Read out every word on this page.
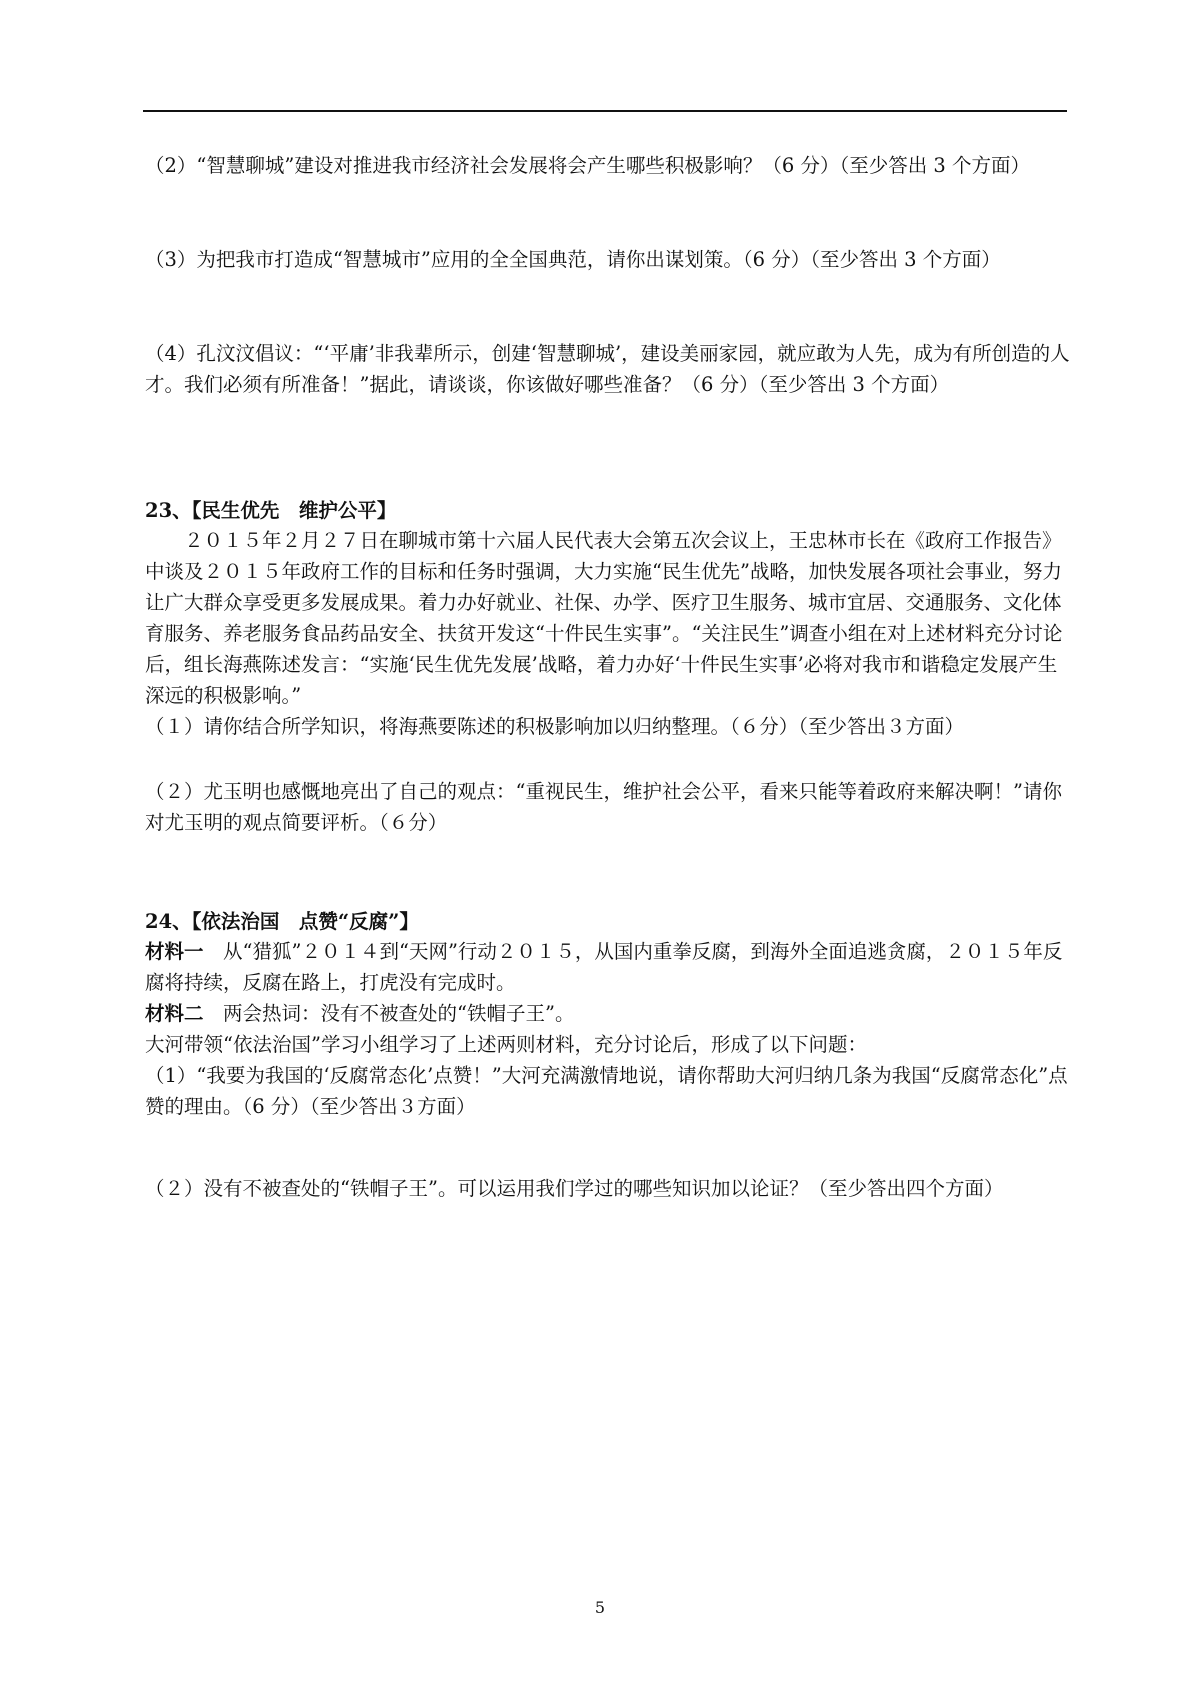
（2）“智慧聊城”建设对推进我市经济社会发展将会产生哪些积极影响？（6 分）（至少答出 3 个方面）

（3）为把我市打造成“智慧城市”应用的全全国典范，请你出谋划策。（6 分）（至少答出 3 个方面）

（4）孔汶汶倡议：“‘平庸’非我辈所示，创建‘智慧聊城’，建设美丽家园，就应敢为人先，成为有所创造的人才。我们必须有所准备！”据此，请谈谈，你该做好哪些准备？（6 分）（至少答出 3 个方面）

23、【民生优先　维护公平】

２０１５年２月２７日在聊城市第十六届人民代表大会第五次会议上，王忠林市长在《政府工作报告》中谈及２０１５年政府工作的目标和任务时强调，大力实施“民生优先”战略，加快发展各项社会事业，努力让广大群众享受更多发展成果。着力办好就业、社保、办学、医疗卫生服务、城市宜居、交通服务、文化体育服务、养老服务食品药品安全、扶贫开发这“十件民生实事”。“关注民生”调查小组在对上述材料充分讨论后，组长海燕陈述发言：“实施‘民生优先发展’战略，着力办好‘十件民生实事’必将对我市和谐稳定发展产生深远的积极影响。”

（１）请你结合所学知识，将海燕要陈述的积极影响加以归纳整理。（６分）（至少答出３方面）

（２）尤玉明也感慨地亮出了自己的观点：“重视民生，维护社会公平，看来只能等着政府来解决啊！”请你对尤玉明的观点简要评析。（６分）

24、【依法治国　点赞“反腐”】

材料一　 从“猎狐”２０１４到“天网”行动２０１５，从国内重拳反腐，到海外全面追逃贪腐，２０１５年反腐将持续，反腐在路上，打虎没有完成时。

材料二　 两会热词：没有不被查处的“铁帽子王”。

大河带领“依法治国”学习小组学习了上述两则材料，充分讨论后，形成了以下问题：

（1）“我要为我国的‘反腐常态化’点赞！”大河充满激情地说，请你帮助大河归纳几条为我国“反腐常态化”点赞的理由。（6 分）（至少答出３方面）

（２）没有不被查处的“铁帽子王”。可以运用我们学过的哪些知识加以论证？（至少答出四个方面）

5
